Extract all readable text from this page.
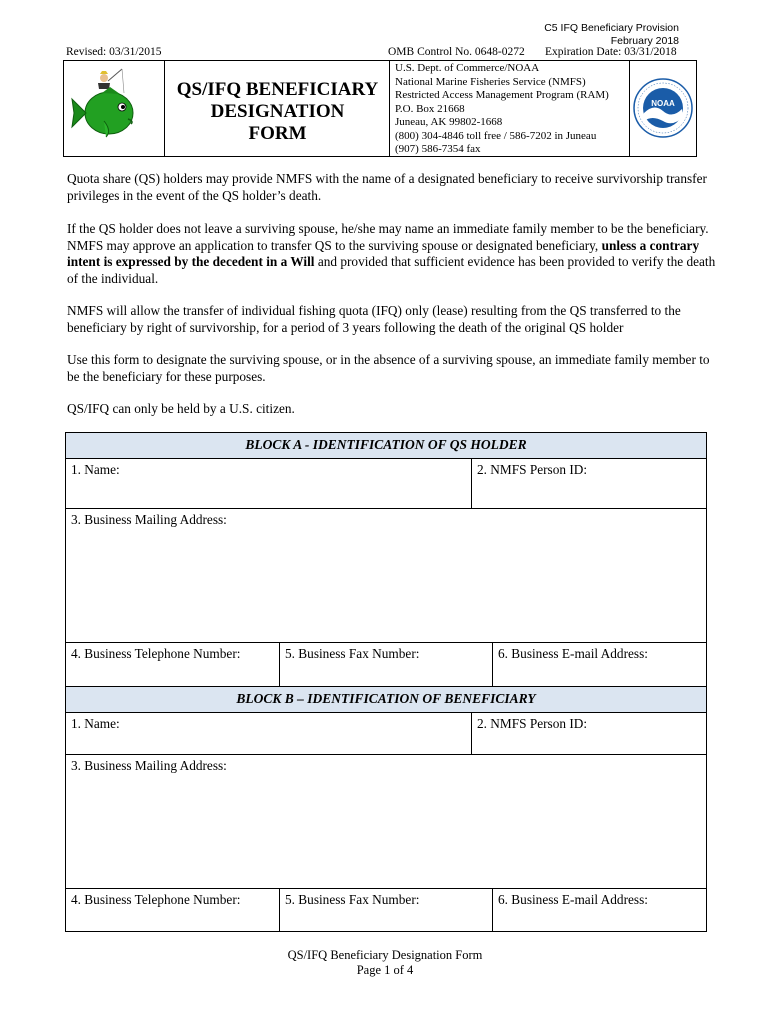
C5 IFQ Beneficiary Provision
February 2018
Revised: 03/31/2015	OMB Control No. 0648-0272 Expiration Date: 03/31/2018
QS/IFQ BENEFICIARY
DESIGNATION
FORM
U.S. Dept. of Commerce/NOAA
National Marine Fisheries Service (NMFS)
Restricted Access Management Program (RAM)
P.O. Box 21668
Juneau, AK 99802-1668
(800) 304-4846 toll free / 586-7202 in Juneau
(907) 586-7354 fax
NOAA
Quota share (QS) holders may provide NMFS with the name of a designated beneficiary to receive survivorship transfer privileges in the event of the QS holder’s death.
If the QS holder does not leave a surviving spouse, he/she may name an immediate family member to be the beneficiary. NMFS may approve an application to transfer QS to the surviving spouse or designated beneficiary, unless a contrary intent is expressed by the decedent in a Will and provided that sufficient evidence has been provided to verify the death of the individual.
NMFS will allow the transfer of individual fishing quota (IFQ) only (lease) resulting from the QS transferred to the beneficiary by right of survivorship, for a period of 3 years following the death of the original QS holder
Use this form to designate the surviving spouse, or in the absence of a surviving spouse, an immediate family member to be the beneficiary for these purposes.
QS/IFQ can only be held by a U.S. citizen.
BLOCK A - IDENTIFICATION OF QS HOLDER
1. Name:	2. NMFS Person ID:
3. Business Mailing Address:
4. Business Telephone Number:	5. Business Fax Number:	6. Business E-mail Address:
BLOCK B – IDENTIFICATION OF BENEFICIARY
1. Name:	2. NMFS Person ID:
3. Business Mailing Address:
4. Business Telephone Number:	5. Business Fax Number:	6. Business E-mail Address:
QS/IFQ Beneficiary Designation Form
Page 1 of 4
